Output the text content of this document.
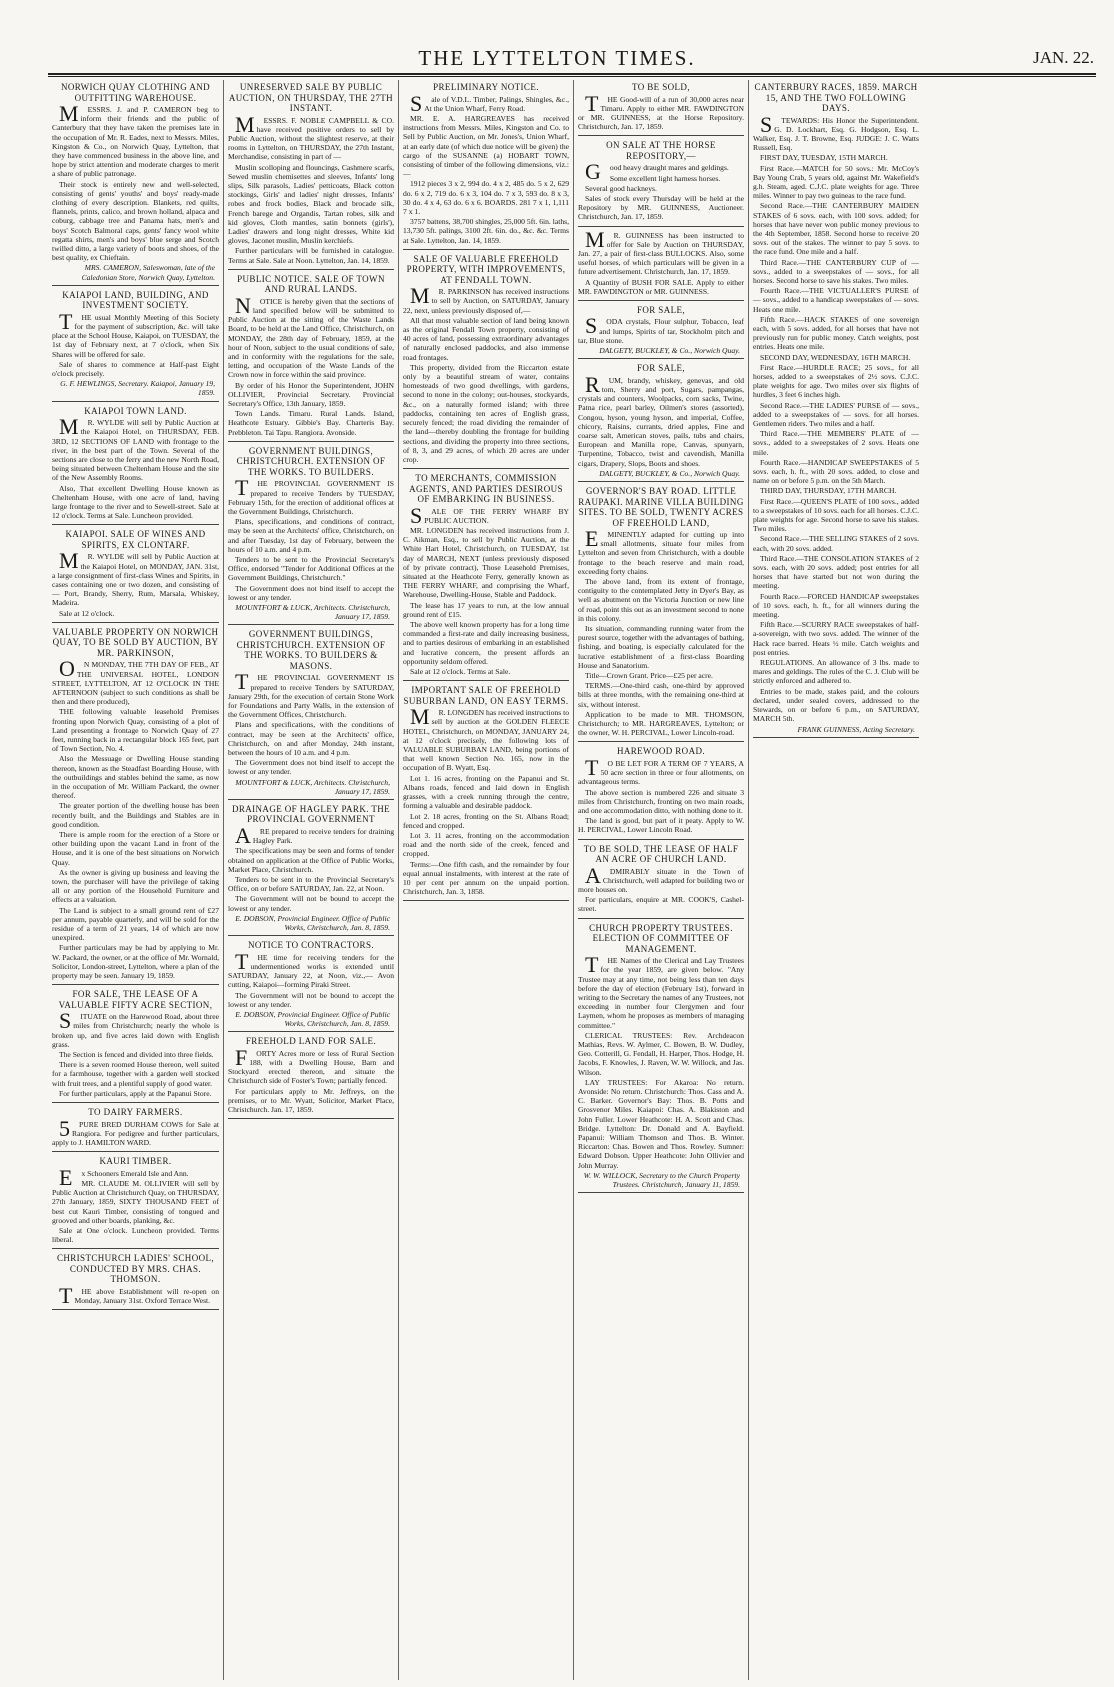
THE LYTTELTON TIMES.	JAN. 22.
NORWICH QUAY CLOTHING AND OUTFITTING WAREHOUSE.

MESSRS. J. and P. CAMERON beg to inform their friends and the public of Canterbury that they have taken the premises late in the occupation of Mr. R. Eades, next to Messrs. Miles, Kingston & Co., on Norwich Quay, Lyttelton, that they have commenced business in the above line, and hope by strict attention and moderate charges to merit a share of public patronage.

Their stock is entirely new and well-selected, consisting of gents' youths' and boys' ready-made clothing of every description. Blankets, red quilts, flannels, prints, calico, and brown holland, alpaca and coburg, cabbage tree and Panama hats, men's and boys' Scotch Balmoral caps, gents' fancy wool white regatta shirts, men's and boys' blue serge and Scotch twilled ditto, a large variety of boots and shoes, of the best quality, ex Chieftain.

MRS. CAMERON, Saleswoman, late of the Caledonian Store, Norwich Quay, Lyttelton.
KAIAPOI LAND, BUILDING, AND INVESTMENT SOCIETY.

THE usual Monthly Meeting of this Society for the payment of subscription, &c. will take place at the School House, Kaiapoi, on TUESDAY, the 1st day of February next, at 7 o'clock, when Six Shares will be offered for sale.

Sale of shares to commence at Half-past Eight o'clock precisely.

G. F. HEWLINGS, Secretary. Kaiapoi, January 19, 1859.
KAIAPOI TOWN LAND.

MR. WYLDE will sell by Public Auction at the Kaiapoi Hotel, on THURSDAY, FEB. 3RD, 12 SECTIONS OF LAND with frontage to the river, in the best part of the Town. Several of the sections are close to the ferry and the new North Road, being situated between Cheltenham House and the site of the New Assembly Rooms.

Also, That excellent Dwelling House known as Cheltenham House, with one acre of land, having large frontage to the river and to Sewell-street. Sale at 12 o'clock. Terms at Sale. Luncheon provided.

KAIAPOI. SALE OF WINES AND SPIRITS, EX CLONTARF.

MR. WYLDE will sell by Public Auction at the Kaiapoi Hotel, on MONDAY, JAN. 31st, a large consignment of first-class Wines and Spirits, in cases containing one or two dozen, and consisting of — Port, Brandy, Sherry, Rum, Marsala, Whiskey, Madeira.

Sale at 12 o'clock.

VALUABLE PROPERTY ON NORWICH QUAY, TO BE SOLD BY AUCTION, BY MR. PARKINSON,

ON MONDAY, THE 7TH DAY OF FEB., AT THE UNIVERSAL HOTEL, LONDON STREET, LYTTELTON, AT 12 O'CLOCK IN THE AFTERNOON (subject to such conditions as shall be then and there produced),

THE following valuable leasehold Premises fronting upon Norwich Quay, consisting of a plot of Land presenting a frontage to Norwich Quay of 27 feet, running back in a rectangular block 165 feet, part of Town Section, No. 4.

Also the Messuage or Dwelling House standing thereon, known as the Steadfast Boarding House, with the outbuildings and stables behind the same, as now in the occupation of Mr. William Packard, the owner thereof.

The greater portion of the dwelling house has been recently built, and the Buildings and Stables are in good condition.

There is ample room for the erection of a Store or other building upon the vacant Land in front of the House, and it is one of the best situations on Norwich Quay.

As the owner is giving up business and leaving the town, the purchaser will have the privilege of taking all or any portion of the Household Furniture and effects at a valuation.

The Land is subject to a small ground rent of £27 per annum, payable quarterly, and will be sold for the residue of a term of 21 years, 14 of which are now unexpired.

Further particulars may be had by applying to Mr. W. Packard, the owner, or at the office of Mr. Wornald, Solicitor, London-street, Lyttelton, where a plan of the property may be seen. January 19, 1859.

FOR SALE, THE LEASE OF A VALUABLE FIFTY ACRE SECTION,

SITUATE on the Harewood Road, about three miles from Christchurch; nearly the whole is broken up, and five acres laid down with English grass.

The Section is fenced and divided into three fields.

There is a seven roomed House thereon, well suited for a farmhouse, together with a garden well stocked with fruit trees, and a plentiful supply of good water.

For further particulars, apply at the Papanui Store.

TO DAIRY FARMERS.

5PURE BRED DURHAM COWS for Sale at Rangiora. For pedigree and further particulars, apply to J. HAMILTON WARD.

KAURI TIMBER.

Ex Schooners Emerald Isle and Ann.

MR. CLAUDE M. OLLIVIER will sell by Public Auction at Christchurch Quay, on THURSDAY, 27th January, 1859, SIXTY THOUSAND FEET of best cut Kauri Timber, consisting of tongued and grooved and other boards, planking, &c.

Sale at One o'clock. Luncheon provided. Terms liberal.

CHRISTCHURCH LADIES' SCHOOL, CONDUCTED BY MRS. CHAS. THOMSON.

THE above Establishment will re-open on Monday, January 31st. Oxford Terrace West.

UNRESERVED SALE BY PUBLIC AUCTION, ON THURSDAY, THE 27TH INSTANT.

MESSRS. F. NOBLE CAMPBELL & CO. have received positive orders to sell by Public Auction, without the slightest reserve, at their rooms in Lyttelton, on THURSDAY, the 27th Instant, Merchandise, consisting in part of —

Muslin scolloping and flouncings, Cashmere scarfs, Sewed muslin chemisettes and sleeves, Infants' long slips, Silk parasols, Ladies' petticoats, Black cotton stockings, Girls' and ladies' night dresses, Infants' robes and frock bodies, Black and brocade silk, French barege and Organdis, Tartan robes, silk and kid gloves, Cloth mantles, satin bonnets (girls'), Ladies' drawers and long night dresses, White kid gloves, Jaconet muslin, Muslin kerchiefs.

Further particulars will be furnished in catalogue. Terms at Sale. Sale at Noon. Lyttelton, Jan. 14, 1859.

PUBLIC NOTICE. SALE OF TOWN AND RURAL LANDS.

NOTICE is hereby given that the sections of land specified below will be submitted to Public Auction at the sitting of the Waste Lands Board, to be held at the Land Office, Christchurch, on MONDAY, the 28th day of February, 1859, at the hour of Noon, subject to the usual conditions of sale, and in conformity with the regulations for the sale, letting, and occupation of the Waste Lands of the Crown now in force within the said province.

By order of his Honor the Superintendent, JOHN OLLIVIER, Provincial Secretary. Provincial Secretary's Office, 13th January, 1859.

Town Lands. Timaru. Rural Lands. Island, Heathcote Estuary. Gibbie's Bay. Charteris Bay. Prebbleton. Tai Tapu. Rangiora. Avonside.

GOVERNMENT BUILDINGS, CHRISTCHURCH. EXTENSION OF THE WORKS. TO BUILDERS.

THE PROVINCIAL GOVERNMENT IS prepared to receive Tenders by TUESDAY, February 15th, for the erection of additional offices at the Government Buildings, Christchurch.

Plans, specifications, and conditions of contract, may be seen at the Architects' office, Christchurch, on and after Tuesday, 1st day of February, between the hours of 10 a.m. and 4 p.m.

Tenders to be sent to the Provincial Secretary's Office, endorsed "Tender for Additional Offices at the Government Buildings, Christchurch."

The Government does not bind itself to accept the lowest or any tender.

MOUNTFORT & LUCK, Architects. Christchurch, January 17, 1859.
GOVERNMENT BUILDINGS, CHRISTCHURCH. EXTENSION OF THE WORKS. TO BUILDERS & MASONS.

THE PROVINCIAL GOVERNMENT IS prepared to receive Tenders by SATURDAY, January 29th, for the execution of certain Stone Work for Foundations and Party Walls, in the extension of the Government Offices, Christchurch.

Plans and specifications, with the conditions of contract, may be seen at the Architects' office, Christchurch, on and after Monday, 24th instant, between the hours of 10 a.m. and 4 p.m.

The Government does not bind itself to accept the lowest or any tender.

MOUNTFORT & LUCK, Architects. Christchurch, January 17, 1859.
DRAINAGE OF HAGLEY PARK. THE PROVINCIAL GOVERNMENT

ARE prepared to receive tenders for draining Hagley Park.

The specifications may be seen and forms of tender obtained on application at the Office of Public Works, Market Place, Christchurch.

Tenders to be sent in to the Provincial Secretary's Office, on or before SATURDAY, Jan. 22, at Noon.

The Government will not be bound to accept the lowest or any tender.

E. DOBSON, Provincial Engineer. Office of Public Works, Christchurch, Jan. 8, 1859.
NOTICE TO CONTRACTORS.

THE time for receiving tenders for the undermentioned works is extended until SATURDAY, January 22, at Noon, viz.,— Avon cutting, Kaiapoi—forming Piraki Street.

The Government will not be bound to accept the lowest or any tender.

E. DOBSON, Provincial Engineer. Office of Public Works, Christchurch, Jan. 8, 1859.
FREEHOLD LAND FOR SALE.

FORTY Acres more or less of Rural Section 188, with a Dwelling House, Barn and Stockyard erected thereon, and situate the Christchurch side of Foster's Town; partially fenced.

For particulars apply to Mr. Jeffreys, on the premises, or to Mr. Wyatt, Solicitor, Market Place, Christchurch. Jan. 17, 1859.

PRELIMINARY NOTICE.

Sale of V.D.L. Timber, Palings, Shingles, &c., At the Union Wharf, Ferry Road.

MR. E. A. HARGREAVES has received instructions from Messrs. Miles, Kingston and Co. to Sell by Public Auction, on Mr. Jones's, Union Wharf, at an early date (of which due notice will be given) the cargo of the SUSANNE (a) HOBART TOWN, consisting of timber of the following dimensions, viz.:—

1912 pieces 3 x 2, 994 do. 4 x 2, 485 do. 5 x 2, 629 do. 6 x 2, 719 do. 6 x 3, 104 do. 7 x 3, 593 do. 8 x 3, 30 do. 4 x 4, 63 do. 6 x 6. BOARDS. 281 7 x 1, 1,111 7 x 1.

3757 battens, 38,700 shingles, 25,000 5ft. 6in. laths, 13,730 5ft. palings, 3100 2ft. 6in. do., &c. &c. Terms at Sale. Lyttelton, Jan. 14, 1859.

SALE OF VALUABLE FREEHOLD PROPERTY, WITH IMPROVEMENTS, AT FENDALL TOWN.

MR. PARKINSON has received instructions to sell by Auction, on SATURDAY, January 22, next, unless previously disposed of,—

All that most valuable section of land being known as the original Fendall Town property, consisting of 40 acres of land, possessing extraordinary advantages of naturally enclosed paddocks, and also immense road frontages.

This property, divided from the Riccarton estate only by a beautiful stream of water, contains homesteads of two good dwellings, with gardens, second to none in the colony; out-houses, stockyards, &c., on a naturally formed island; with three paddocks, containing ten acres of English grass, securely fenced; the road dividing the remainder of the land—thereby doubling the frontage for building sections, and dividing the property into three sections, of 8, 3, and 29 acres, of which 20 acres are under crop.

TO MERCHANTS, COMMISSION AGENTS, AND PARTIES DESIROUS OF EMBARKING IN BUSINESS.

SALE OF THE FERRY WHARF BY PUBLIC AUCTION.

MR. LONGDEN has received instructions from J. C. Aikman, Esq., to sell by Public Auction, at the White Hart Hotel, Christchurch, on TUESDAY, 1st day of MARCH, NEXT (unless previously disposed of by private contract), Those Leasehold Premises, situated at the Heathcote Ferry, generally known as THE FERRY WHARF, and comprising the Wharf, Warehouse, Dwelling-House, Stable and Paddock.

The lease has 17 years to run, at the low annual ground rent of £15.

The above well known property has for a long time commanded a first-rate and daily increasing business, and to parties desirous of embarking in an established and lucrative concern, the present affords an opportunity seldom offered.

Sale at 12 o'clock. Terms at Sale.

IMPORTANT SALE OF FREEHOLD SUBURBAN LAND, ON EASY TERMS.

MR. LONGDEN has received instructions to sell by auction at the GOLDEN FLEECE HOTEL, Christchurch, on MONDAY, JANUARY 24, at 12 o'clock precisely, the following lots of VALUABLE SUBURBAN LAND, being portions of that well known Section No. 165, now in the occupation of B. Wyatt, Esq.

Lot 1. 16 acres, fronting on the Papanui and St. Albans roads, fenced and laid down in English grasses, with a creek running through the centre, forming a valuable and desirable paddock.

Lot 2. 18 acres, fronting on the St. Albans Road; fenced and cropped.

Lot 3. 11 acres, fronting on the accommodation road and the north side of the creek, fenced and cropped.

Terms:—One fifth cash, and the remainder by four equal annual instalments, with interest at the rate of 10 per cent per annum on the unpaid portion. Christchurch, Jan. 3, 1858.

TO BE SOLD,

THE Good-will of a run of 30,000 acres near Timaru. Apply to either MR. FAWDINGTON or MR. GUINNESS, at the Horse Repository. Christchurch, Jan. 17, 1859.

ON SALE AT THE HORSE REPOSITORY,—

Good heavy draught mares and geldings.

Some excellent light harness horses.

Several good hackneys.

Sales of stock every Thursday will be held at the Repository by MR. GUINNESS, Auctioneer. Christchurch, Jan. 17, 1859.

MR. GUINNESS has been instructed to offer for Sale by Auction on THURSDAY, Jan. 27, a pair of first-class BULLOCKS. Also, some useful horses, of which particulars will be given in a future advertisement. Christchurch, Jan. 17, 1859.

A Quantity of BUSH FOR SALE. Apply to either MR. FAWDINGTON or MR. GUINNESS.

FOR SALE,

SODA crystals, Flour sulphur, Tobacco, leaf and lumps, Spirits of tar, Stockholm pitch and tar, Blue stone.

DALGETY, BUCKLEY, & Co., Norwich Quay.
FOR SALE,

RUM, brandy, whiskey, genevas, and old tom, Sherry and port, Sugars, pampangas, crystals and counters, Woolpacks, corn sacks, Twine, Patna rice, pearl barley, Oilmen's stores (assorted), Congou, hyson, young hyson, and imperial, Coffee, chicory, Raisins, currants, dried apples, Fine and coarse salt, American stoves, pails, tubs and chairs, European and Manilla rope, Canvas, spunyarn, Turpentine, Tobacco, twist and cavendish, Manilla cigars, Drapery, Slops, Boots and shoes.

DALGETY, BUCKLEY, & Co., Norwich Quay.
GOVERNOR'S BAY ROAD. LITTLE RAUPAKI. MARINE VILLA BUILDING SITES. TO BE SOLD, TWENTY ACRES OF FREEHOLD LAND,

EMINENTLY adapted for cutting up into small allotments, situate four miles from Lyttelton and seven from Christchurch, with a double frontage to the beach reserve and main road, exceeding forty chains.

The above land, from its extent of frontage, contiguity to the contemplated Jetty in Dyer's Bay, as well as abutment on the Victoria Junction or new line of road, point this out as an investment second to none in this colony.

Its situation, commanding running water from the purest source, together with the advantages of bathing, fishing, and boating, is especially calculated for the lucrative establishment of a first-class Boarding House and Sanatorium.

Title—Crown Grant. Price—£25 per acre.

TERMS.—One-third cash, one-third by approved bills at three months, with the remaining one-third at six, without interest.

Application to be made to MR. THOMSON, Christchurch; to MR. HARGREAVES, Lyttelton; or the owner, W. H. PERCIVAL, Lower Lincoln-road.

HAREWOOD ROAD.

TO BE LET FOR A TERM OF 7 YEARS, A 50 acre section in three or four allotments, on advantageous terms.

The above section is numbered 226 and situate 3 miles from Christchurch, fronting on two main roads, and one accommodation ditto, with nothing done to it.

The land is good, but part of it peaty. Apply to W. H. PERCIVAL, Lower Lincoln Road.

TO BE SOLD, THE LEASE OF HALF AN ACRE OF CHURCH LAND.

ADMIRABLY situate in the Town of Christchurch, well adapted for building two or more houses on.

For particulars, enquire at MR. COOK'S, Cashel-street.

CHURCH PROPERTY TRUSTEES. ELECTION OF COMMITTEE OF MANAGEMENT.

THE Names of the Clerical and Lay Trustees for the year 1859, are given below. "Any Trustee may at any time, not being less than ten days before the day of election (February 1st), forward in writing to the Secretary the names of any Trustees, not exceeding in number four Clergymen and four Laymen, whom he proposes as members of managing committee."

CLERICAL TRUSTEES: Rev. Archdeacon Mathias, Revs. W. Aylmer, C. Bowen, B. W. Dudley, Geo. Cotterill, G. Fendall, H. Harper, Thos. Hodge, H. Jacobs, F. Knowles, J. Raven, W. W. Willock, and Jas. Wilson.

LAY TRUSTEES: For Akaroa: No return. Avonside: No return. Christchurch: Thos. Cass and A. C. Barker. Governor's Bay: Thos. B. Potts and Grosvenor Miles. Kaiapoi: Chas. A. Blakiston and John Fuller. Lower Heathcote: H. A. Scott and Chas. Bridge. Lyttelton: Dr. Donald and A. Bayfield. Papanui: William Thomson and Thos. B. Winter. Riccarton: Chas. Bowen and Thos. Rowley. Sumner: Edward Dobson. Upper Heathcote: John Ollivier and John Murray.

W. W. WILLOCK, Secretary to the Church Property Trustees. Christchurch, January 11, 1859.
CANTERBURY RACES, 1859. MARCH 15, AND THE TWO FOLLOWING DAYS.

STEWARDS: His Honor the Superintendent. G. D. Lockhart, Esq. G. Hodgson, Esq. L. Walker, Esq. J. T. Browne, Esq. JUDGE: J. C. Watts Russell, Esq.

FIRST DAY, TUESDAY, 15TH MARCH.

First Race.—MATCH for 50 sovs.: Mr. McCoy's Bay Young Crab, 5 years old, against Mr. Wakefield's g.h. Steam, aged. C.J.C. plate weights for age. Three miles. Winner to pay two guineas to the race fund.

Second Race.—THE CANTERBURY MAIDEN STAKES of 6 sovs. each, with 100 sovs. added; for horses that have never won public money previous to the 4th September, 1858. Second horse to receive 20 sovs. out of the stakes. The winner to pay 5 sovs. to the race fund. One mile and a half.

Third Race.—THE CANTERBURY CUP of — sovs., added to a sweepstakes of — sovs., for all horses. Second horse to save his stakes. Two miles.

Fourth Race.—THE VICTUALLER'S PURSE of — sovs., added to a handicap sweepstakes of — sovs. Heats one mile.

Fifth Race.—HACK STAKES of one sovereign each, with 5 sovs. added, for all horses that have not previously run for public money. Catch weights, post entries. Heats one mile.

SECOND DAY, WEDNESDAY, 16TH MARCH.

First Race.—HURDLE RACE; 25 sovs., for all horses, added to a sweepstakes of 2½ sovs. C.J.C. plate weights for age. Two miles over six flights of hurdles, 3 feet 6 inches high.

Second Race.—THE LADIES' PURSE of — sovs., added to a sweepstakes of — sovs. for all horses. Gentlemen riders. Two miles and a half.

Third Race.—THE MEMBERS' PLATE of — sovs., added to a sweepstakes of 2 sovs. Heats one mile.

Fourth Race.—HANDICAP SWEEPSTAKES of 5 sovs. each, h. ft., with 20 sovs. added, to close and name on or before 5 p.m. on the 5th March.

THIRD DAY, THURSDAY, 17TH MARCH.

First Race.—QUEEN'S PLATE of 100 sovs., added to a sweepstakes of 10 sovs. each for all horses. C.J.C. plate weights for age. Second horse to save his stakes. Two miles.

Second Race.—THE SELLING STAKES of 2 sovs. each, with 20 sovs. added.

Third Race.—THE CONSOLATION STAKES of 2 sovs. each, with 20 sovs. added; post entries for all horses that have started but not won during the meeting.

Fourth Race.—FORCED HANDICAP sweepstakes of 10 sovs. each, h. ft., for all winners during the meeting.

Fifth Race.—SCURRY RACE sweepstakes of half-a-sovereign, with two sovs. added. The winner of the Hack race barred. Heats ½ mile. Catch weights and post entries.

REGULATIONS. An allowance of 3 lbs. made to mares and geldings. The rules of the C. J. Club will be strictly enforced and adhered to.

Entries to be made, stakes paid, and the colours declared, under sealed covers, addressed to the Stewards, on or before 6 p.m., on SATURDAY, MARCH 5th.

FRANK GUINNESS, Acting Secretary.
